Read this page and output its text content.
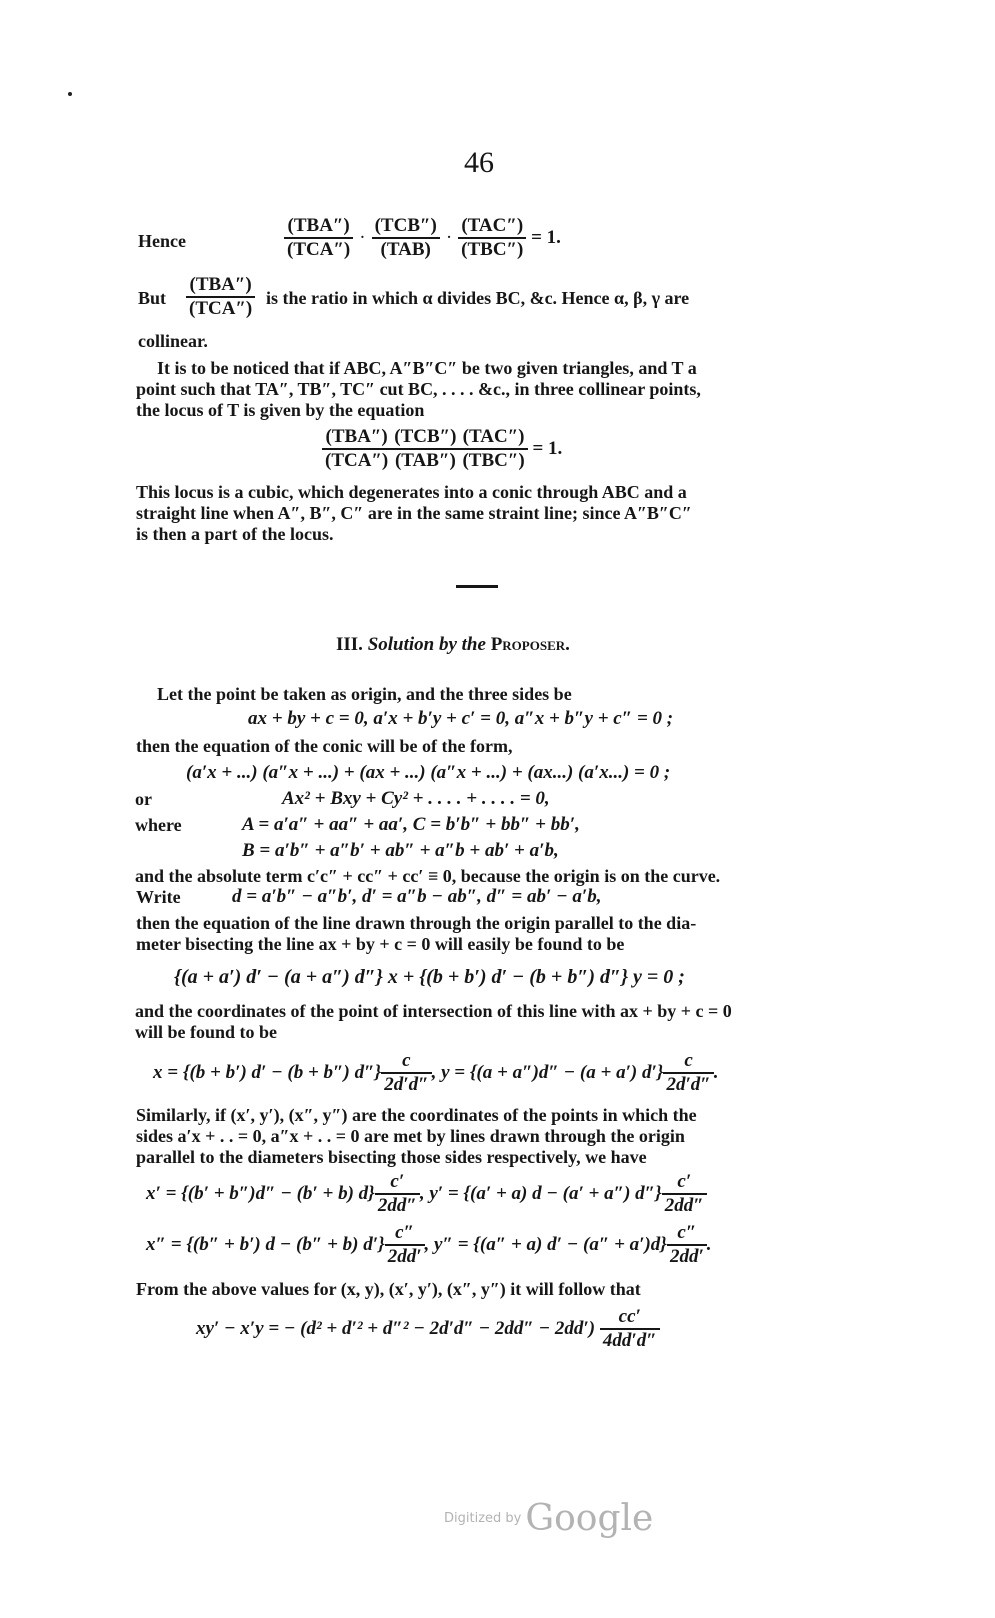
46
Hence	$\frac{\text{(TBA″)}}{\text{(TCA″)}} \cdot \frac{\text{(TCB″)}}{\text{(TAB)}} \cdot \frac{\text{(TAC″)}}{\text{(TBC″)}} = 1$.
But $\frac{\text{(TBA″)}}{\text{(TCA″)}}$ is the ratio in which α divides BC, &c. Hence α, β, γ are
collinear.
It is to be noticed that if ABC, A″B″C″ be two given triangles, and T a
point such that TA″, TB″, TC″ cut BC, . . . . &c., in three collinear points,
the locus of T is given by the equation
$\frac{\text{(TBA″)}}{\text{(TCA″)}} \frac{\text{(TCB″)}}{\text{(TAB″)}} \frac{\text{(TAC″)}}{\text{(TBC″)}} = 1$.
This locus is a cubic, which degenerates into a conic through ABC and a
straight line when A″, B″, C″ are in the same straint line; since A″B″C″
is then a part of the locus.
III. Solution by the Proposer.
Let the point be taken as origin, and the three sides be
ax + by + c = 0, a′x + b′y + c′ = 0, a″x + b″y + c″ = 0 ;
then the equation of the conic will be of the form,
(a′x + ...) (a″x + ...) + (ax + ...) (a″x + ...) + (ax...) (a′x...) = 0 ;
or	Ax² + Bxy + Cy² + . . . . + . . . . = 0,
where	A = a′a″ + aa″ + aa′, C = b′b″ + bb″ + bb′,
B = a′b″ + a″b′ + ab″ + a″b + ab′ + a′b,
and the absolute term c′c″ + cc″ + cc′ ≡ 0, because the origin is on the curve.
Write	d = a′b″ − a″b′, d′ = a″b − ab″, d″ = ab′ − a′b,
then the equation of the line drawn through the origin parallel to the dia-
meter bisecting the line ax + by + c = 0 will easily be found to be
{(a + a′) d′ − (a + a″) d″} x + {(b + b′) d′ − (b + b″) d″} y = 0 ;
and the coordinates of the point of intersection of this line with ax + by + c = 0
will be found to be
x = {(b + b′) d′ − (b + b″) $d''\} \frac{c}{2d'd''}$ , y = {(a + a″)d″ − (a + a′) $d'\} \frac{c}{2d'd''}$ .
Similarly, if (x′, y′), (x″, y″) are the coordinates of the points in which the
sides a′x + . . = 0, a″x + . . = 0 are met by lines drawn through the origin
parallel to the diameters bisecting those sides respectively, we have
x′ = {(b′ + b″)d″ − (b′ + b) $d\} \frac{c'}{2dd''}$ , y′ = {(a′ + a) d − (a′ + a″) $d''\} \frac{c'}{2dd''}$
x″ = {(b″ + b′) d − (b″ + b) $d'\} \frac{c''}{2dd'}$ , y″ = {(a″ + a) $d' - (a'' + a')d\} \frac{c''}{2dd'}$ .
From the above values for (x, y), (x′, y′), (x″, y″) it will follow that
xy′ − x′y = − $(d^2 + d'^2 + d''^2 - 2d'd'' - 2dd'' - 2dd') \frac{cc'}{4dd'd''}$
Digitized by Google
